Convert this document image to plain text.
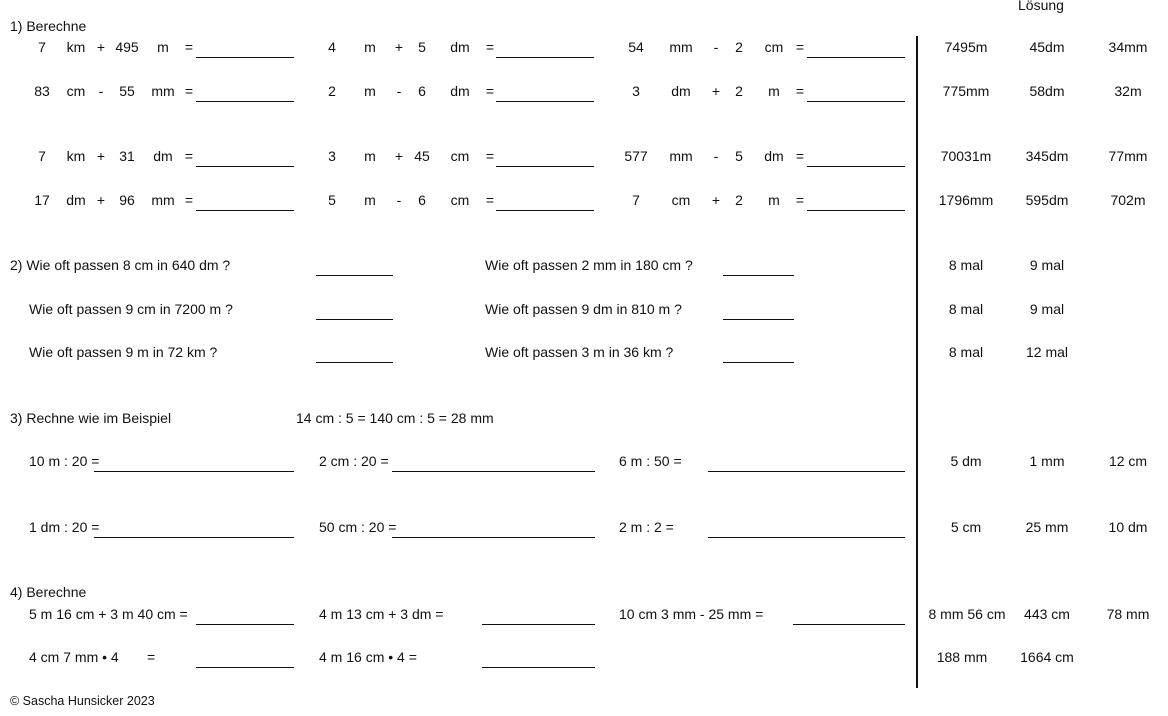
Lösung
1) Berechne
7	km + 495	m	=	4	m	+	5	dm	=	54	mm	-	2	cm =	7495m	45dm	34mm
83	cm -	55	mm =	2	m	-	6	dm	=	3	dm	+	2	m	=	775mm	58dm	32m
7	km +	31	dm =	3	m	+ 45	cm	=	577	mm	-	5	dm =	70031m	345dm	77mm
17	dm +	96	mm =	5	m	-	6	cm	=	7	cm	+	2	m	=	1796mm	595dm	702m
2) Wie oft passen 8 cm in 640 dm ?	Wie oft passen 2 mm in 180 cm ?	8 mal	9 mal
Wie oft passen 9 cm in 7200 m ?	Wie oft passen 9 dm in 810 m ?	8 mal	9 mal
Wie oft passen 9 m in 72 km ?	Wie oft passen 3 m in 36 km ?	8 mal	12 mal
3) Rechne wie im Beispiel	14 cm : 5 = 140 cm : 5 = 28 mm
10 m : 20 =	2 cm : 20 =	6 m : 50 =	5 dm	1 mm	12 cm
1 dm : 20 =	50 cm : 20 =	2 m : 2 =	5 cm	25 mm	10 dm
4) Berechne
5 m 16 cm + 3 m 40 cm =	4 m 13 cm + 3 dm =	10 cm 3 mm - 25 mm =	8 mm 56 cm	443 cm	78 mm
4 cm 7 mm • 4 =	4 m 16 cm • 4 =	188 mm	1664 cm
© Sascha Hunsicker 2023
